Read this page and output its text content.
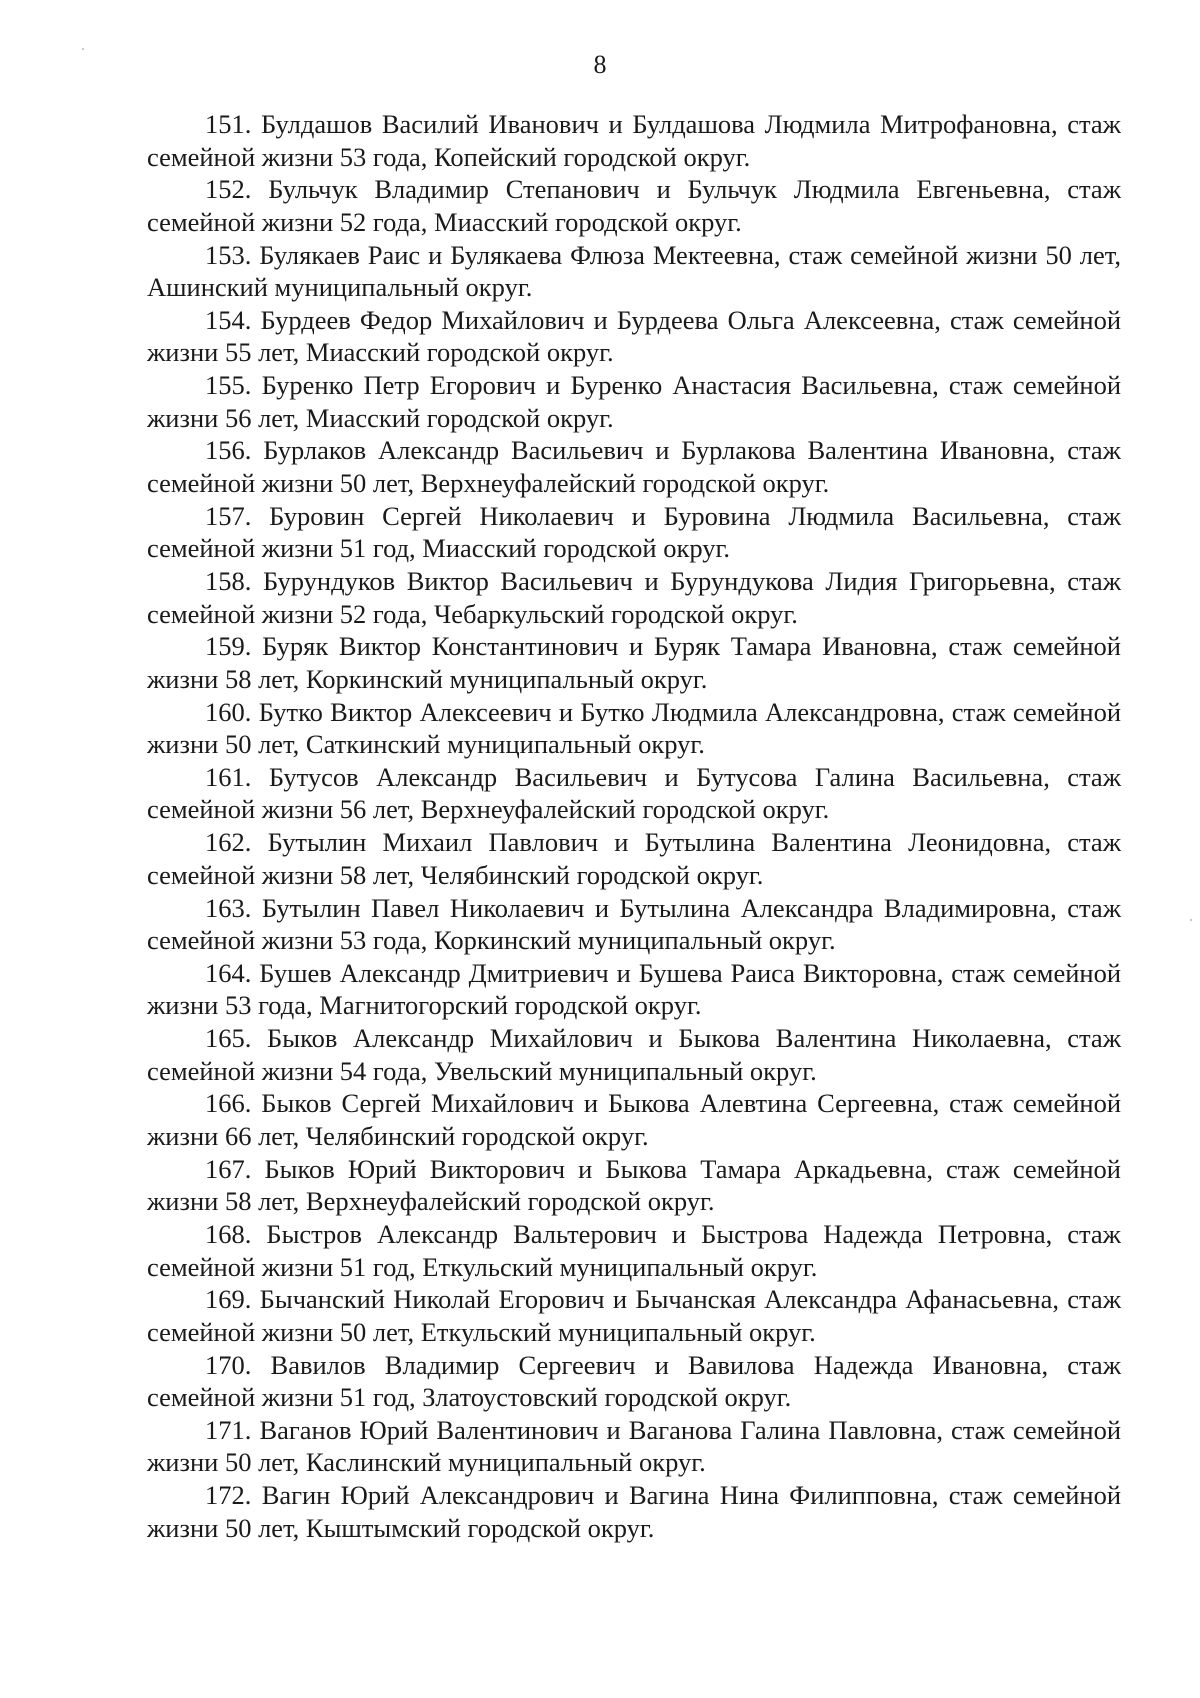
8

151. Булдашов Василий Иванович и Булдашова Людмила Митрофановна, стаж семейной жизни 53 года, Копейский городской округ.

152. Бульчук Владимир Степанович и Бульчук Людмила Евгеньевна, стаж семейной жизни 52 года, Миасский городской округ.

153. Булякаев Раис и Булякаева Флюза Мектеевна, стаж семейной жизни 50 лет, Ашинский муниципальный округ.

154. Бурдеев Федор Михайлович и Бурдеева Ольга Алексеевна, стаж семейной жизни 55 лет, Миасский городской округ.

155. Буренко Петр Егорович и Буренко Анастасия Васильевна, стаж семейной жизни 56 лет, Миасский городской округ.

156. Бурлаков Александр Васильевич и Бурлакова Валентина Ивановна, стаж семейной жизни 50 лет, Верхнеуфалейский городской округ.

157. Буровин Сергей Николаевич и Буровина Людмила Васильевна, стаж семейной жизни 51 год, Миасский городской округ.

158. Бурундуков Виктор Васильевич и Бурундукова Лидия Григорьевна, стаж семейной жизни 52 года, Чебаркульский городской округ.

159. Буряк Виктор Константинович и Буряк Тамара Ивановна, стаж семейной жизни 58 лет, Коркинский муниципальный округ.

160. Бутко Виктор Алексеевич и Бутко Людмила Александровна, стаж семейной жизни 50 лет, Саткинский муниципальный округ.

161. Бутусов Александр Васильевич и Бутусова Галина Васильевна, стаж семейной жизни 56 лет, Верхнеуфалейский городской округ.

162. Бутылин Михаил Павлович и Бутылина Валентина Леонидовна, стаж семейной жизни 58 лет, Челябинский городской округ.

163. Бутылин Павел Николаевич и Бутылина Александра Владимировна, стаж семейной жизни 53 года, Коркинский муниципальный округ.

164. Бушев Александр Дмитриевич и Бушева Раиса Викторовна, стаж семейной жизни 53 года, Магнитогорский городской округ.

165. Быков Александр Михайлович и Быкова Валентина Николаевна, стаж семейной жизни 54 года, Увельский муниципальный округ.

166. Быков Сергей Михайлович и Быкова Алевтина Сергеевна, стаж семейной жизни 66 лет, Челябинский городской округ.

167. Быков Юрий Викторович и Быкова Тамара Аркадьевна, стаж семейной жизни 58 лет, Верхнеуфалейский городской округ.

168. Быстров Александр Вальтерович и Быстрова Надежда Петровна, стаж семейной жизни 51 год, Еткульский муниципальный округ.

169. Бычанский Николай Егорович и Бычанская Александра Афанасьевна, стаж семейной жизни 50 лет, Еткульский муниципальный округ.

170. Вавилов Владимир Сергеевич и Вавилова Надежда Ивановна, стаж семейной жизни 51 год, Златоустовский городской округ.

171. Ваганов Юрий Валентинович и Ваганова Галина Павловна, стаж семейной жизни 50 лет, Каслинский муниципальный округ.

172. Вагин Юрий Александрович и Вагина Нина Филипповна, стаж семейной жизни 50 лет, Кыштымский городской округ.
